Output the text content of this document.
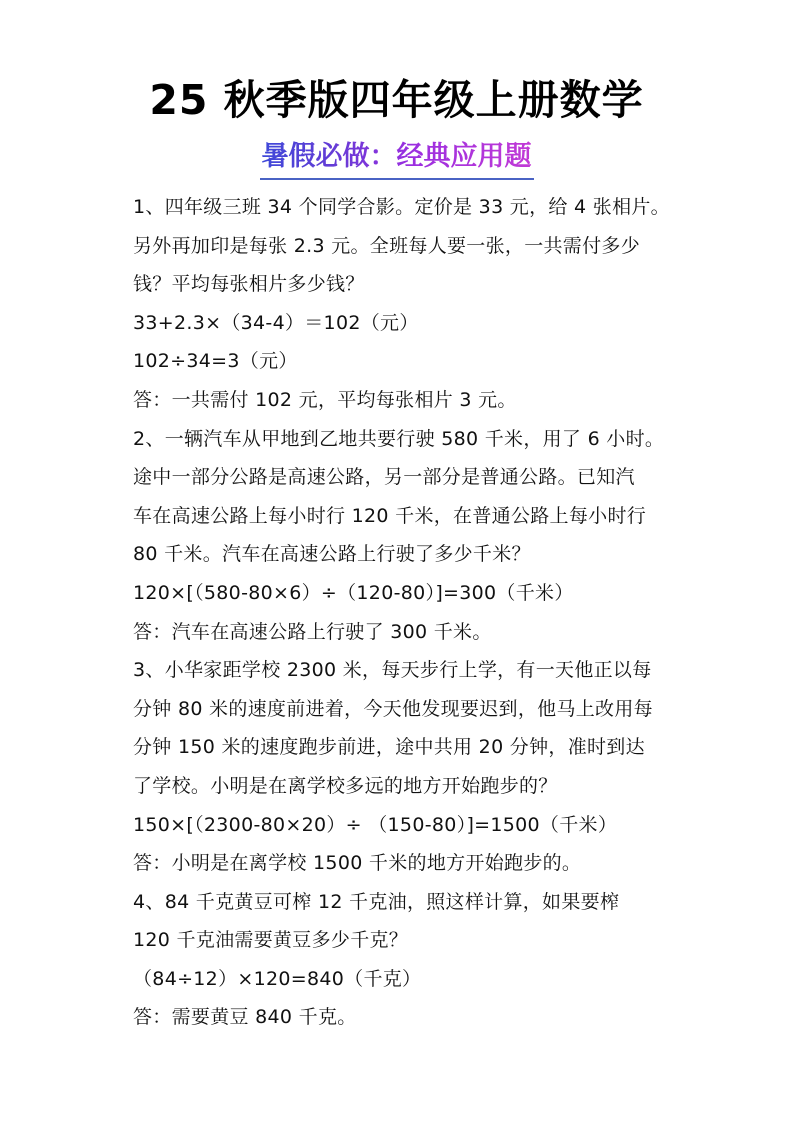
25 秋季版四年级上册数学
暑假必做：经典应用题
1、四年级三班 34 个同学合影。定价是 33 元，给 4 张相片。
另外再加印是每张 2.3 元。全班每人要一张，一共需付多少
钱？平均每张相片多少钱？
33+2.3×（34-4）＝102（元）
102÷34=3（元）
答：一共需付 102 元，平均每张相片 3 元。
2、一辆汽车从甲地到乙地共要行驶 580 千米，用了 6 小时。
途中一部分公路是高速公路，另一部分是普通公路。已知汽
车在高速公路上每小时行 120 千米，在普通公路上每小时行
80 千米。汽车在高速公路上行驶了多少千米？
120×[（580-80×6）÷（120-80）]=300（千米）
答：汽车在高速公路上行驶了 300 千米。
3、小华家距学校 2300 米，每天步行上学，有一天他正以每
分钟 80 米的速度前进着，今天他发现要迟到，他马上改用每
分钟 150 米的速度跑步前进，途中共用 20 分钟，准时到达
了学校。小明是在离学校多远的地方开始跑步的？
150×[（2300-80×20）÷ （150-80）]=1500（千米）
答：小明是在离学校 1500 千米的地方开始跑步的。
4、84 千克黄豆可榨 12 千克油，照这样计算，如果要榨
120 千克油需要黄豆多少千克？
（84÷12）×120=840（千克）
答：需要黄豆 840 千克。
